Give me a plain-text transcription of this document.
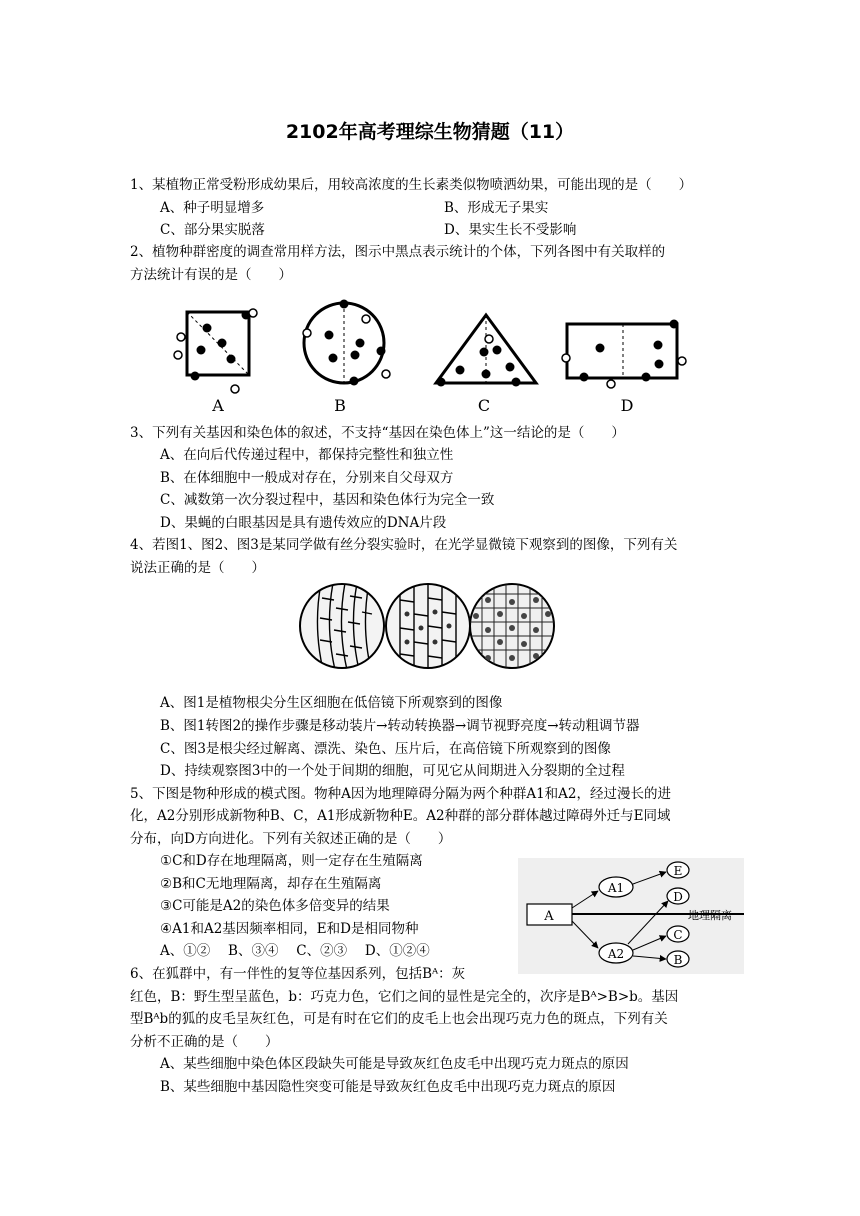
2102年高考理综生物猜题（11）
1、某植物正常受粉形成幼果后，用较高浓度的生长素类似物喷洒幼果，可能出现的是（　　）
A、种子明显增多	B、形成无子果实
C、部分果实脱落	D、果实生长不受影响
2、植物种群密度的调查常用样方法，图示中黑点表示统计的个体，下列各图中有关取样的
方法统计有误的是（　　）
A	B	C	D
3、下列有关基因和染色体的叙述，不支持“基因在染色体上”这一结论的是（　　）
A、在向后代传递过程中，都保持完整性和独立性
B、在体细胞中一般成对存在，分别来自父母双方
C、减数第一次分裂过程中，基因和染色体行为完全一致
D、果蝇的白眼基因是具有遗传效应的DNA片段
4、若图1、图2、图3是某同学做有丝分裂实验时，在光学显微镜下观察到的图像，下列有关
说法正确的是（　　）
A、图1是植物根尖分生区细胞在低倍镜下所观察到的图像
B、图1转图2的操作步骤是移动装片→转动转换器→调节视野亮度→转动粗调节器
C、图3是根尖经过解离、漂洗、染色、压片后，在高倍镜下所观察到的图像
D、持续观察图3中的一个处于间期的细胞，可见它从间期进入分裂期的全过程
5、下图是物种形成的模式图。物种A因为地理障碍分隔为两个种群A1和A2，经过漫长的进
化，A2分别形成新物种B、C，A1形成新物种E。A2种群的部分群体越过障碍外迁与E同域
分布，向D方向进化。下列有关叙述正确的是（　　）
①C和D存在地理隔离，则一定存在生殖隔离
②B和C无地理隔离，却存在生殖隔离
③C可能是A2的染色体多倍变异的结果
④A1和A2基因频率相同，E和D是相同物种
A、①②　 B、③④　 C、②③　 D、①②④
A
A1
A2
E
D
C
B
地理隔离
6、在狐群中，有一伴性的复等位基因系列，包括Bᴬ：灰
红色，B：野生型呈蓝色，b：巧克力色，它们之间的显性是完全的，次序是Bᴬ>B>b。基因
型Bᴬb的狐的皮毛呈灰红色，可是有时在它们的皮毛上也会出现巧克力色的斑点，下列有关
分析不正确的是（　　）
A、某些细胞中染色体区段缺失可能是导致灰红色皮毛中出现巧克力斑点的原因
B、某些细胞中基因隐性突变可能是导致灰红色皮毛中出现巧克力斑点的原因
